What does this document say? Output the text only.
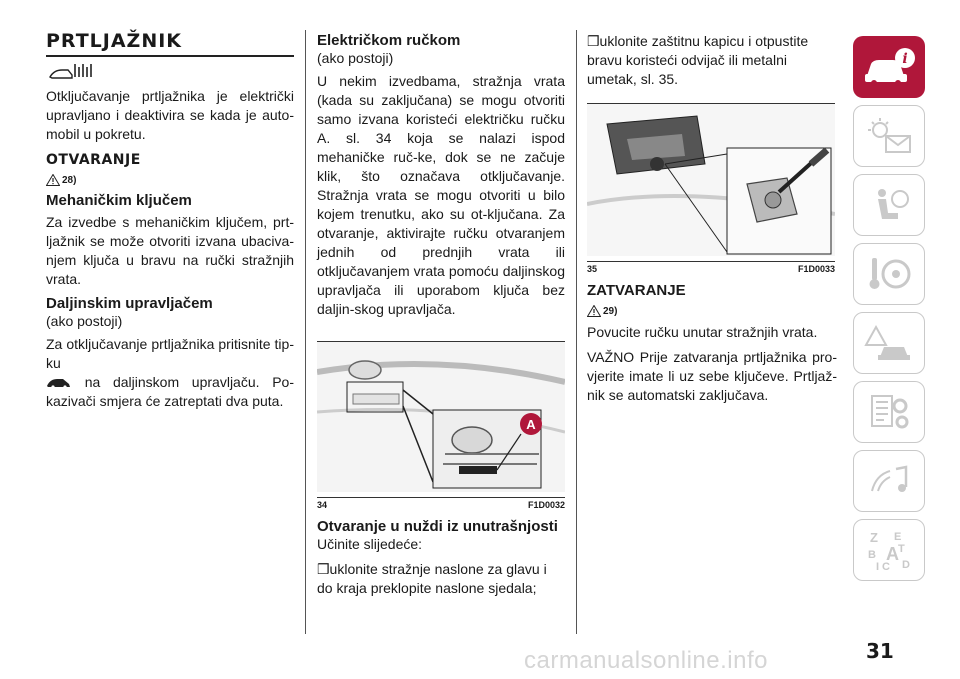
PRTLJAŽNIK

Otključavanje prtljažnika je električki upravljano i deaktivira se kada je auto-mobil u pokretu.

OTVARANJE
28)
Mehaničkim ključem

Za izvedbe s mehaničkim ključem, prt-ljažnik se može otvoriti izvana ubaciva-njem ključa u bravu na ručki stražnjih vrata.

Daljinskim upravljačem

(ako postoji)

Za otključavanje prtljažnika pritisnite tip-ku
na daljinskom upravljaču. Po-kazivači smjera će zatreptati dva puta.

Električkom ručkom

(ako postoji)

U nekim izvedbama, stražnja vrata (kada su zaključana) se mogu otvoriti samo izvana koristeći električku ručku A. sl. 34 koja se nalazi ispod mehaničke ruč-ke, dok se ne začuje klik, što označava otključavanje. Stražnja vrata se mogu otvoriti u bilo kojem trenutku, ako su ot-ključana. Za otvaranje, aktivirajte ručku otvaranjem jednih od prednjih vrata ili otključavanjem vrata pomoću daljinskog upravljača ili uporabom ključa bez daljin-skog upravljača.

A
34	F1D0032
Otvaranje u nuždi iz unutrašnjosti

Učinite slijedeće:

❒uklonite stražnje naslone za glavu i do kraja preklopite naslone sjedala;

❒uklonite zaštitnu kapicu i otpustite bravu koristeći odvijač ili metalni umetak, sl. 35.

35	F1D0033
ZATVARANJE
29)

Povucite ručku unutar stražnjih vrata.

VAŽNO Prije zatvaranja prtljažnika pro-vjerite imate li uz sebe ključeve. Prtljaž-nik se automatski zaključava.

i
Z E
B A
I C D
T
31
carmanualsonline.info
